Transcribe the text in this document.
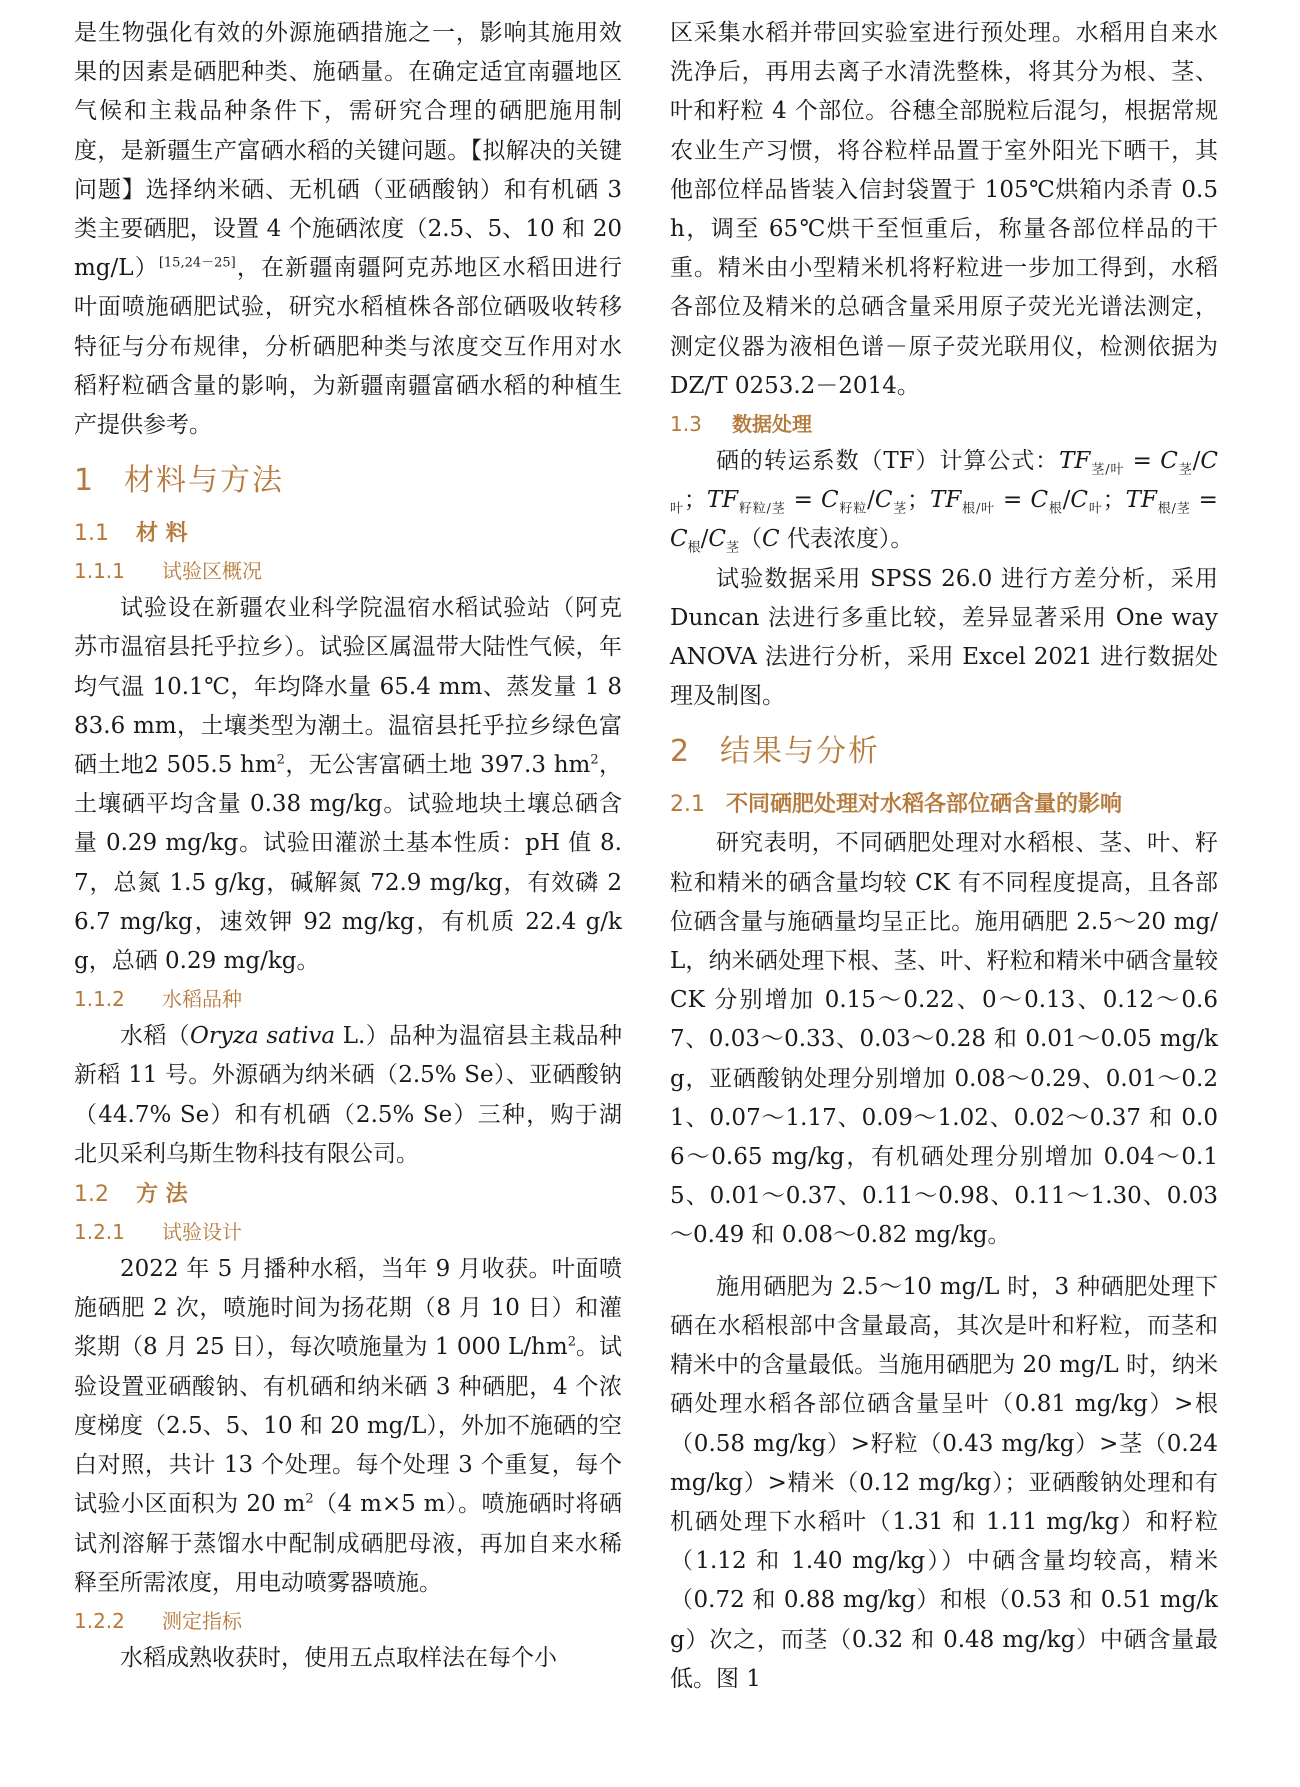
是生物强化有效的外源施硒措施之一，影响其施用效果的因素是硒肥种类、施硒量。在确定适宜南疆地区气候和主栽品种条件下，需研究合理的硒肥施用制度，是新疆生产富硒水稻的关键问题。【拟解决的关键问题】选择纳米硒、无机硒（亚硒酸钠）和有机硒 3 类主要硒肥，设置 4 个施硒浓度（2.5、5、10 和 20 mg/L）[15,24－25]，在新疆南疆阿克苏地区水稻田进行叶面喷施硒肥试验，研究水稻植株各部位硒吸收转移特征与分布规律，分析硒肥种类与浓度交互作用对水稻籽粒硒含量的影响，为新疆南疆富硒水稻的种植生产提供参考。

1 材料与方法
1.1 材 料
1.1.1 试验区概况

试验设在新疆农业科学院温宿水稻试验站（阿克苏市温宿县托乎拉乡）。试验区属温带大陆性气候，年均气温 10.1℃，年均降水量 65.4 mm、蒸发量 1 883.6 mm，土壤类型为潮土。温宿县托乎拉乡绿色富硒土地2 505.5 $hm^2$，无公害富硒土地 397.3 $hm^2$，土壤硒平均含量 0.38 mg/kg。试验地块土壤总硒含量 0.29 mg/kg。试验田灌淤土基本性质：pH 值 8.7，总氮 1.5 g/kg，碱解氮 72.9 mg/kg，有效磷 26.7 mg/kg，速效钾 92 mg/kg，有机质 22.4 g/kg，总硒 0.29 mg/kg。

1.1.2 水稻品种

水稻（Oryza sativa L.）品种为温宿县主栽品种新稻 11 号。外源硒为纳米硒（2.5% Se）、亚硒酸钠（44.7% Se）和有机硒（2.5% Se）三种，购于湖北贝采利乌斯生物科技有限公司。

1.2 方 法
1.2.1 试验设计

2022 年 5 月播种水稻，当年 9 月收获。叶面喷施硒肥 2 次，喷施时间为扬花期（8 月 10 日）和灌浆期（8 月 25 日），每次喷施量为 1 000 $L/hm^2$。试验设置亚硒酸钠、有机硒和纳米硒 3 种硒肥，4 个浓度梯度（2.5、5、10 和 20 mg/L），外加不施硒的空白对照，共计 13 个处理。每个处理 3 个重复，每个试验小区面积为 20 $m^2(4$ m×5 m）。喷施硒时将硒试剂溶解于蒸馏水中配制成硒肥母液，再加自来水稀释至所需浓度，用电动喷雾器喷施。

1.2.2 测定指标

水稻成熟收获时，使用五点取样法在每个小

区采集水稻并带回实验室进行预处理。水稻用自来水洗净后，再用去离子水清洗整株，将其分为根、茎、叶和籽粒 4 个部位。谷穗全部脱粒后混匀，根据常规农业生产习惯，将谷粒样品置于室外阳光下晒干，其他部位样品皆装入信封袋置于 105℃烘箱内杀青 0.5 h，调至 65℃烘干至恒重后，称量各部位样品的干重。精米由小型精米机将籽粒进一步加工得到，水稻各部位及精米的总硒含量采用原子荧光光谱法测定，测定仪器为液相色谱－原子荧光联用仪，检测依据为 DZ/T 0253.2－2014。

1.3 数据处理

硒的转运系数（TF）计算公式：$TF_{茎/叶} = C_茎/C_叶$；$TF_{籽粒/茎} = C_{籽粒}/C_茎$；$TF_{根/叶} = C_根/C_叶$；$TF_{根/茎} = C_根/C_茎(C$ 代表浓度）。

试验数据采用 SPSS 26.0 进行方差分析，采用 Duncan 法进行多重比较，差异显著采用 One way ANOVA 法进行分析，采用 Excel 2021 进行数据处理及制图。

2 结果与分析
2.1 不同硒肥处理对水稻各部位硒含量的影响

研究表明，不同硒肥处理对水稻根、茎、叶、籽粒和精米的硒含量均较 CK 有不同程度提高，且各部位硒含量与施硒量均呈正比。施用硒肥 2.5～20 mg/L，纳米硒处理下根、茎、叶、籽粒和精米中硒含量较 CK 分别增加 0.15～0.22、0～0.13、0.12～0.67、0.03～0.33、0.03～0.28 和 0.01～0.05 mg/kg，亚硒酸钠处理分别增加 0.08～0.29、0.01～0.21、0.07～1.17、0.09～1.02、0.02～0.37 和 0.06～0.65 mg/kg，有机硒处理分别增加 0.04～0.15、0.01～0.37、0.11～0.98、0.11～1.30、0.03～0.49 和 0.08～0.82 mg/kg。

施用硒肥为 2.5～10 mg/L 时，3 种硒肥处理下硒在水稻根部中含量最高，其次是叶和籽粒，而茎和精米中的含量最低。当施用硒肥为 20 mg/L 时，纳米硒处理水稻各部位硒含量呈叶（0.81 mg/kg）>根（0.58 mg/kg）>籽粒（0.43 mg/kg）>茎（0.24 mg/kg）>精米（0.12 mg/kg）；亚硒酸钠处理和有机硒处理下水稻叶（1.31 和 1.11 mg/kg）和籽粒（1.12 和 1.40 mg/kg））中硒含量均较高，精米（0.72 和 0.88 mg/kg）和根（0.53 和 0.51 mg/kg）次之，而茎（0.32 和 0.48 mg/kg）中硒含量最低。图 1
